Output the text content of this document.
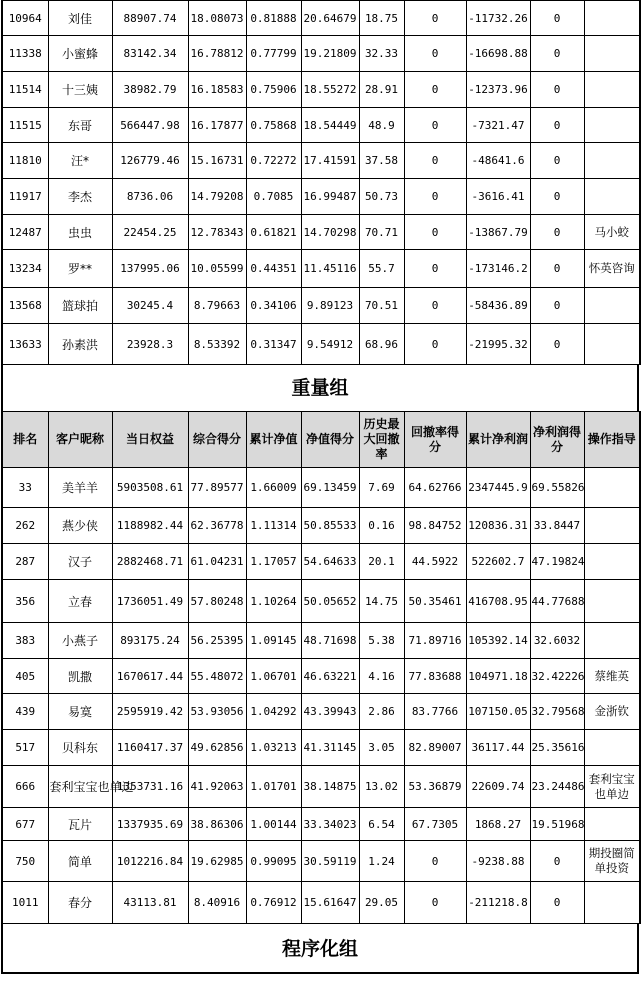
10964	刘佳	88907.74	18.08073	0.81888	20.64679	18.75	0	-11732.26	0	
11338	小蜜蜂	83142.34	16.78812	0.77799	19.21809	32.33	0	-16698.88	0	
11514	十三姨	38982.79	16.18583	0.75906	18.55272	28.91	0	-12373.96	0	
11515	东哥	566447.98	16.17877	0.75868	18.54449	48.9	0	-7321.47	0	
11810	汪*	126779.46	15.16731	0.72272	17.41591	37.58	0	-48641.6	0	
11917	李杰	8736.06	14.79208	0.7085	16.99487	50.73	0	-3616.41	0	
12487	虫虫	22454.25	12.78343	0.61821	14.70298	70.71	0	-13867.79	0	马小蛟
13234	罗**	137995.06	10.05599	0.44351	11.45116	55.7	0	-173146.2	0	怀英咨询
13568	篮球拍	30245.4	8.79663	0.34106	9.89123	70.51	0	-58436.89	0	
13633	孙素洪	23928.3	8.53392	0.31347	9.54912	68.96	0	-21995.32	0	
重量组
排名	客户昵称	当日权益	综合得分	累计净值	净值得分	历史最大回撤率	回撤率得分	累计净利润	净利润得分	操作指导
33	美羊羊	5903508.61	77.89577	1.66009	69.13459	7.69	64.62766	2347445.9	69.55826	
262	燕少侠	1188982.44	62.36778	1.11314	50.85533	0.16	98.84752	120836.31	33.8447	
287	汉子	2882468.71	61.04231	1.17057	54.64633	20.1	44.5922	522602.7	47.19824	
356	立春	1736051.49	57.80248	1.10264	50.05652	14.75	50.35461	416708.95	44.77688	
383	小燕子	893175.24	56.25395	1.09145	48.71698	5.38	71.89716	105392.14	32.6032	
405	凯撒	1670617.44	55.48072	1.06701	46.63221	4.16	77.83688	104971.18	32.42226	蔡维英
439	易寞	2595919.42	53.93056	1.04292	43.39943	2.86	83.7766	107150.05	32.79568	金浙钦
517	贝科东	1160417.37	49.62856	1.03213	41.31145	3.05	82.89007	36117.44	25.35616	
666	套利宝宝也单边	1353731.16	41.92063	1.01701	38.14875	13.02	53.36879	22609.74	23.24486	套利宝宝也单边
677	瓦片	1337935.69	38.86306	1.00144	33.34023	6.54	67.7305	1868.27	19.51968	
750	简单	1012216.84	19.62985	0.99095	30.59119	1.24	0	-9238.88	0	期投圈简单投资
1011	春分	43113.81	8.40916	0.76912	15.61647	29.05	0	-211218.8	0	
程序化组
